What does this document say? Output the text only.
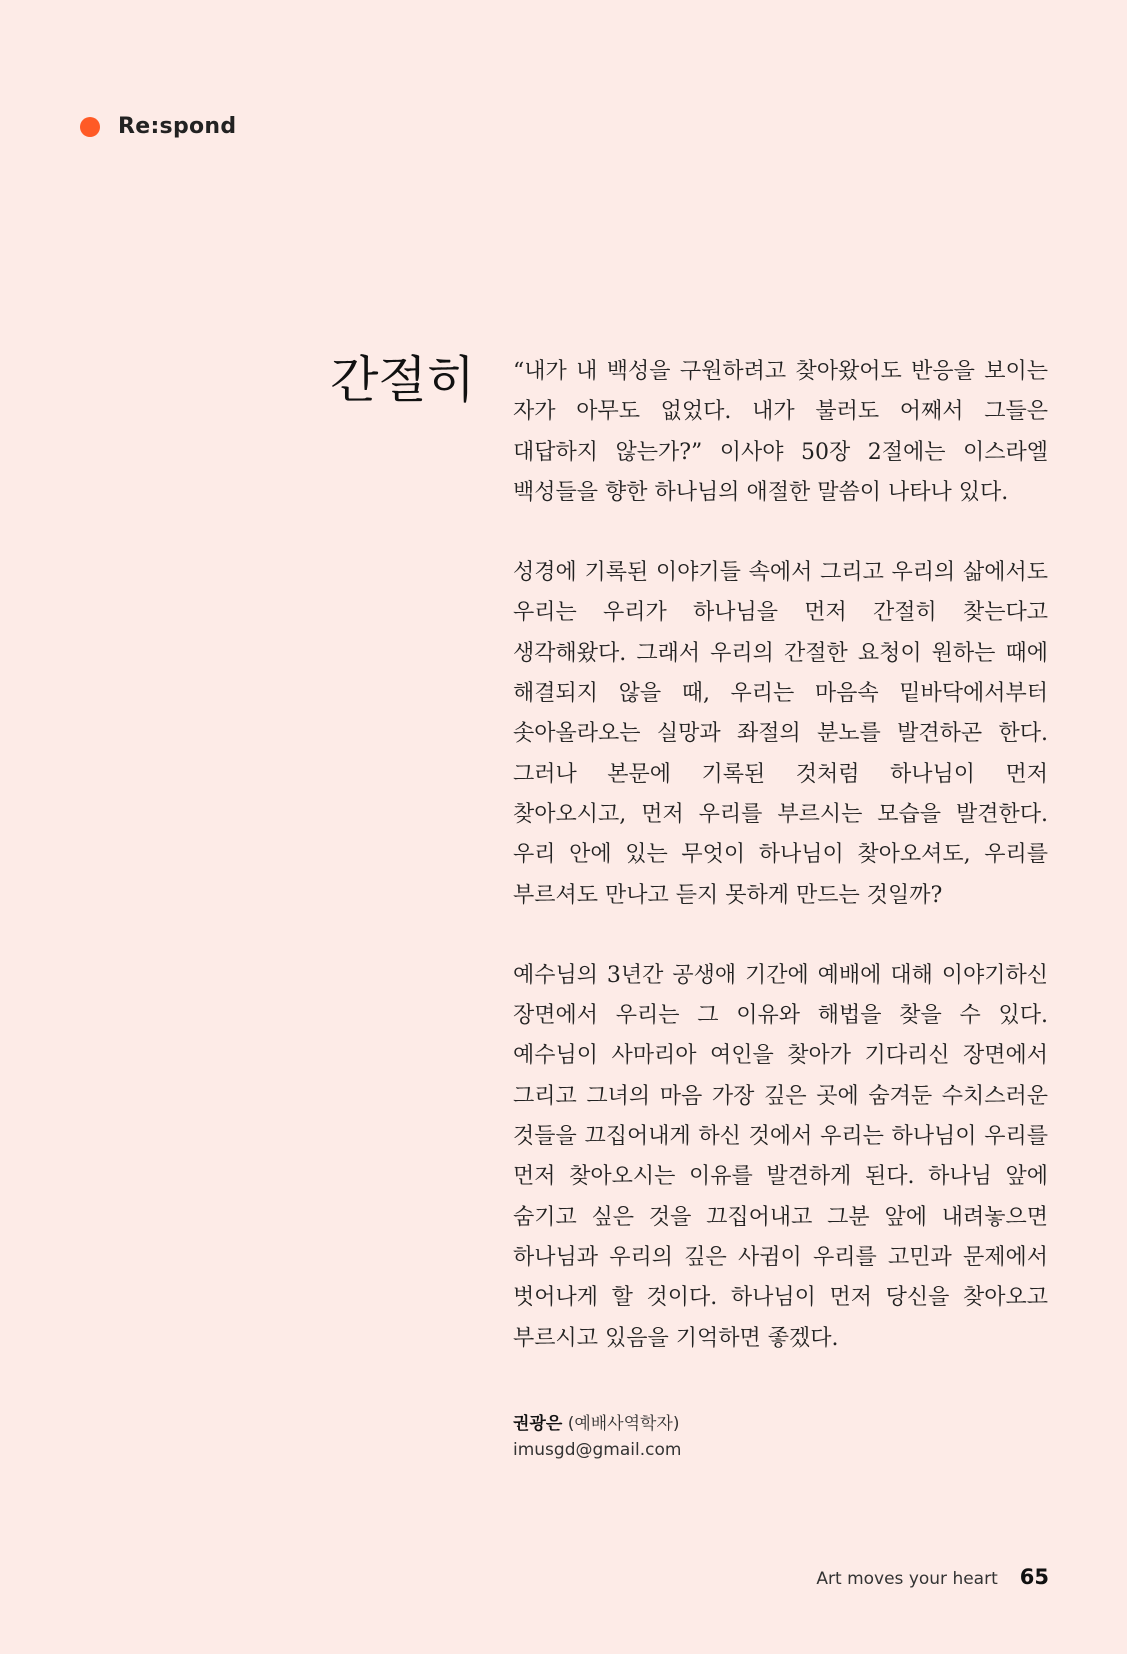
Re:spond
간절히 “내가 내 백성을 구원하려고 찾아왔어도 반응을 보이는 자가 아무도 없었다. 내가 불러도 어째서 그들은 대답하지 않는가?” 이사야 50장 2절에는 이스라엘 백성들을 향한 하나님의 애절한 말씀이 나타나 있다.

성경에 기록된 이야기들 속에서 그리고 우리의 삶에서도 우리는 우리가 하나님을 먼저 간절히 찾는다고 생각해왔다. 그래서 우리의 간절한 요청이 원하는 때에 해결되지 않을 때, 우리는 마음속 밑바닥에서부터 솟아올라오는 실망과 좌절의 분노를 발견하곤 한다. 그러나 본문에 기록된 것처럼 하나님이 먼저 찾아오시고, 먼저 우리를 부르시는 모습을 발견한다. 우리 안에 있는 무엇이 하나님이 찾아오셔도, 우리를 부르셔도 만나고 듣지 못하게 만드는 것일까?

예수님의 3년간 공생애 기간에 예배에 대해 이야기하신 장면에서 우리는 그 이유와 해법을 찾을 수 있다. 예수님이 사마리아 여인을 찾아가 기다리신 장면에서 그리고 그녀의 마음 가장 깊은 곳에 숨겨둔 수치스러운 것들을 끄집어내게 하신 것에서 우리는 하나님이 우리를 먼저 찾아오시는 이유를 발견하게 된다. 하나님 앞에 숨기고 싶은 것을 끄집어내고 그분 앞에 내려놓으면 하나님과 우리의 깊은 사귐이 우리를 고민과 문제에서 벗어나게 할 것이다. 하나님이 먼저 당신을 찾아오고 부르시고 있음을 기억하면 좋겠다.

권광은 (예배사역학자)
imusgd@gmail.com
Art moves your heart 65
